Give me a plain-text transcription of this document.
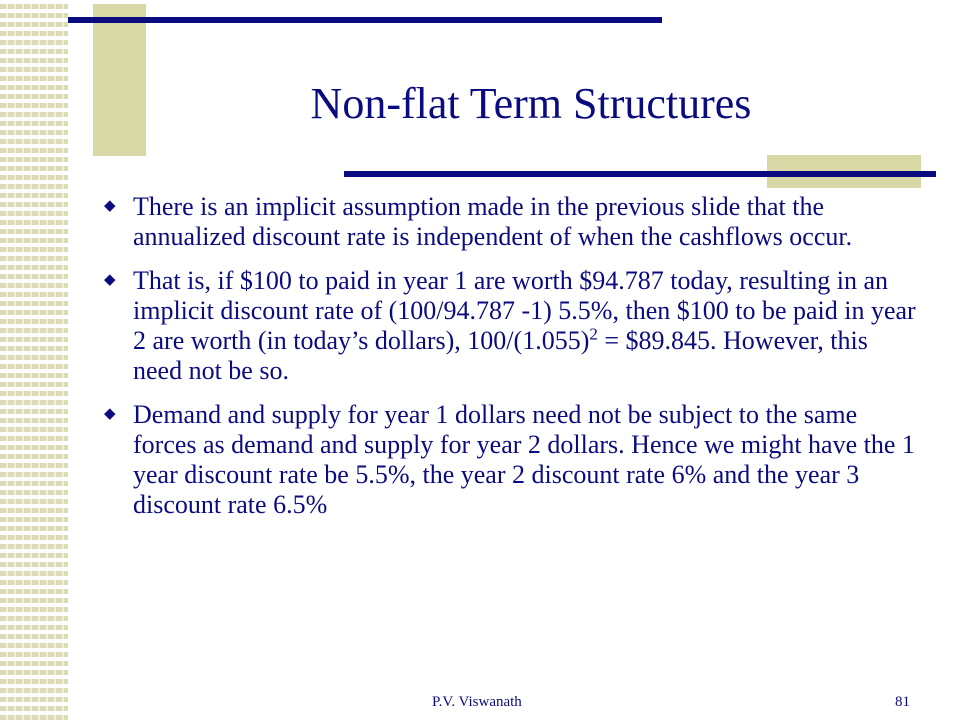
Non-flat Term Structures
◆ There is an implicit assumption made in the previous slide that the annualized discount rate is independent of when the cashflows occur.
◆ That is, if $100 to paid in year 1 are worth $94.787 today, resulting in an implicit discount rate of (100/94.787 -1) 5.5%, then $100 to be paid in year 2 are worth (in today’s dollars), $100/(1.055)^2$ = $89.845. However, this need not be so.
◆ Demand and supply for year 1 dollars need not be subject to the same forces as demand and supply for year 2 dollars. Hence we might have the 1 year discount rate be 5.5%, the year 2 discount rate 6% and the year 3 discount rate 6.5%
P.V. Viswanath	81
